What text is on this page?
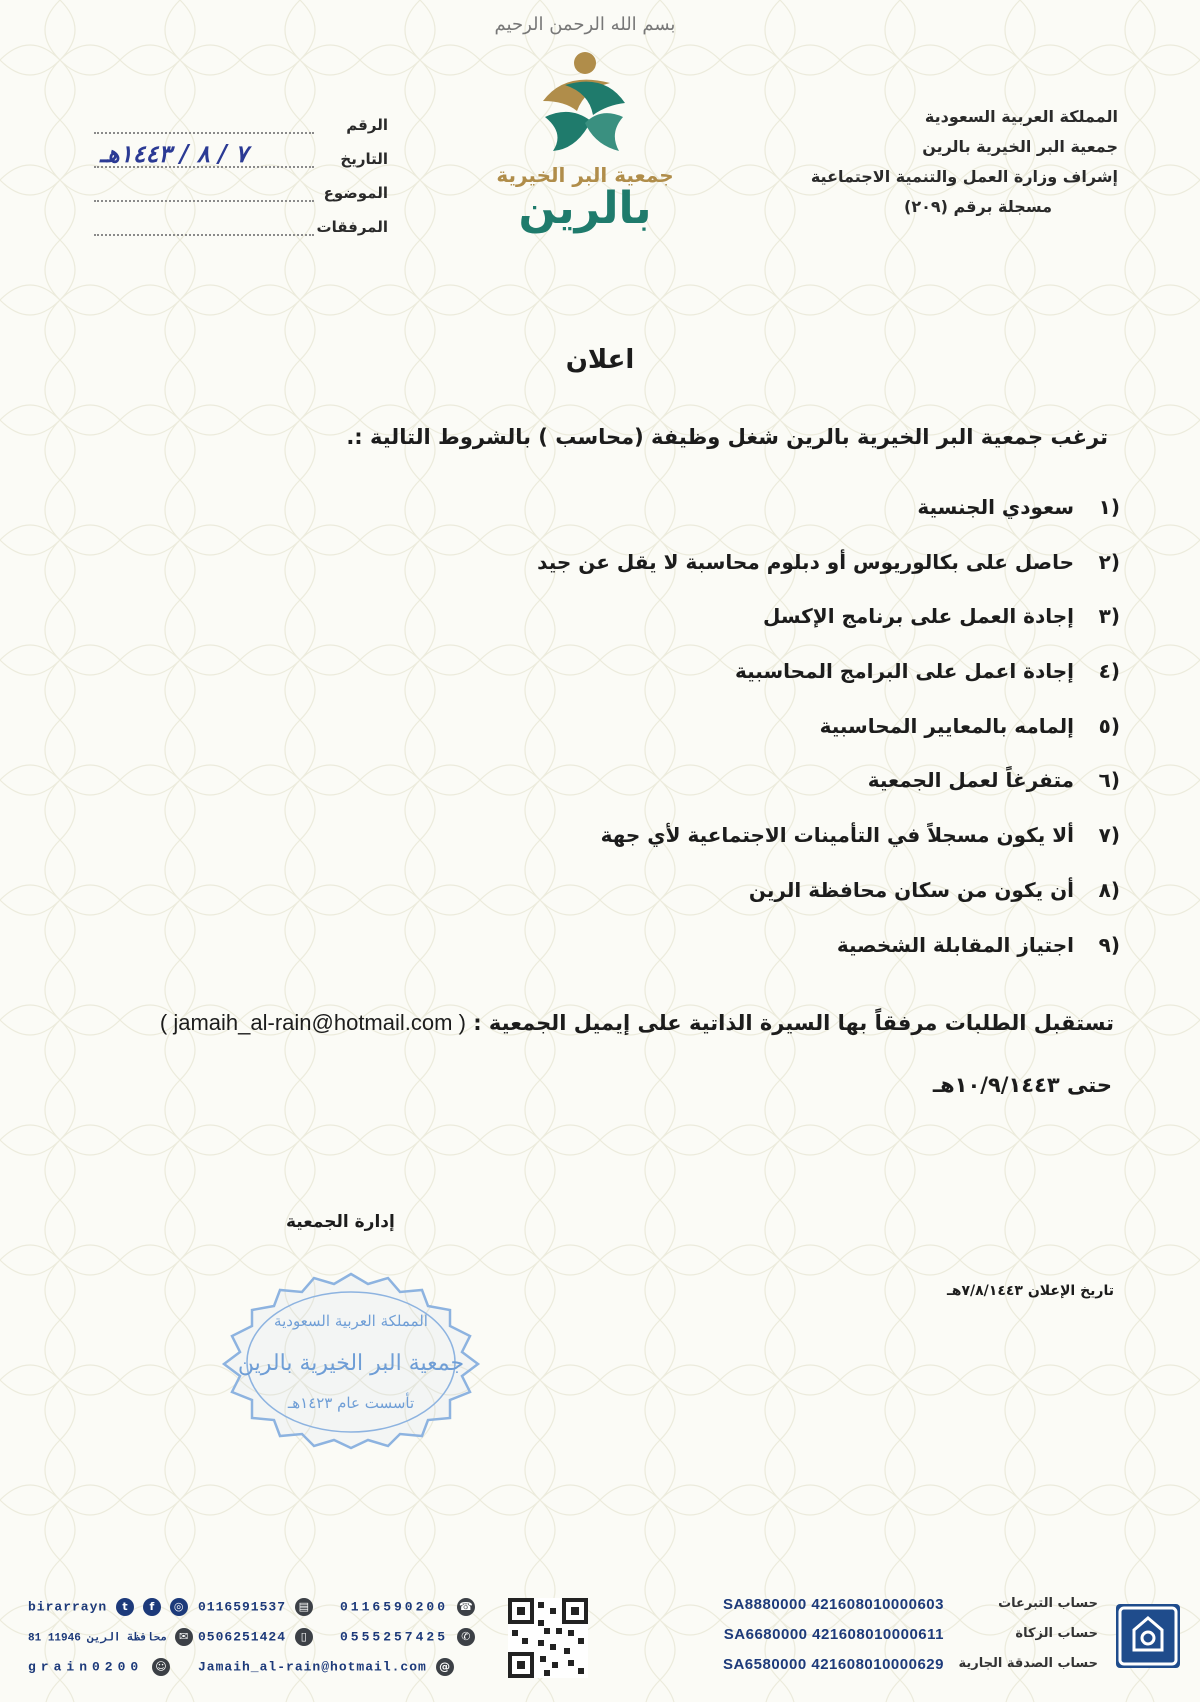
المملكة العربية السعودية
جمعية البر الخيرية بالرين
إشراف وزارة العمل والتنمية الاجتماعية
مسجلة برقم (٢٠٩)
بسم الله الرحمن الرحيم
جمعية البر الخيرية
بالرين
الرقم
التاريخ
٧ / ٨ / ١٤٤٣هـ
الموضوع
المرفقات
اعلان
ترغب جمعية البر الخيرية بالرين شغل وظيفة (محاسب ) بالشروط التالية :.
(١
سعودي الجنسية
(٢
حاصل على بكالوريوس أو دبلوم محاسبة لا يقل عن جيد
(٣
إجادة العمل على برنامج الإكسل
(٤
إجادة اعمل على البرامج المحاسبية
(٥
إلمامه بالمعايير المحاسبية
(٦
متفرغاً لعمل الجمعية
(٧
ألا يكون مسجلاً في التأمينات الاجتماعية لأي جهة
(٨
أن يكون من سكان محافظة الرين
(٩
اجتياز المقابلة الشخصية
تستقبل الطلبات مرفقاً بها السيرة الذاتية على إيميل الجمعية : ( jamaih_al-rain@hotmail.com )
حتى ١٠/٩/١٤٤٣هـ
إدارة الجمعية
تاريخ الإعلان ٧/٨/١٤٤٣هـ
المملكة العربية السعودية
جمعية البر الخيرية بالرين
تأسست عام ١٤٢٣هـ
birarrayn t f ◎	0116591537 ▤ 0116590200 ☎
81 محافظة الرين 11946 ✉ 0506251424 ▯	0555257425 ✆
grain0200 ☺ Jamaih_al-rain@hotmail.com @
حساب التبرعات
SA8880000 421608010000603
حساب الزكاة
SA6680000 421608010000611
حساب الصدقة الجارية
SA6580000 421608010000629
